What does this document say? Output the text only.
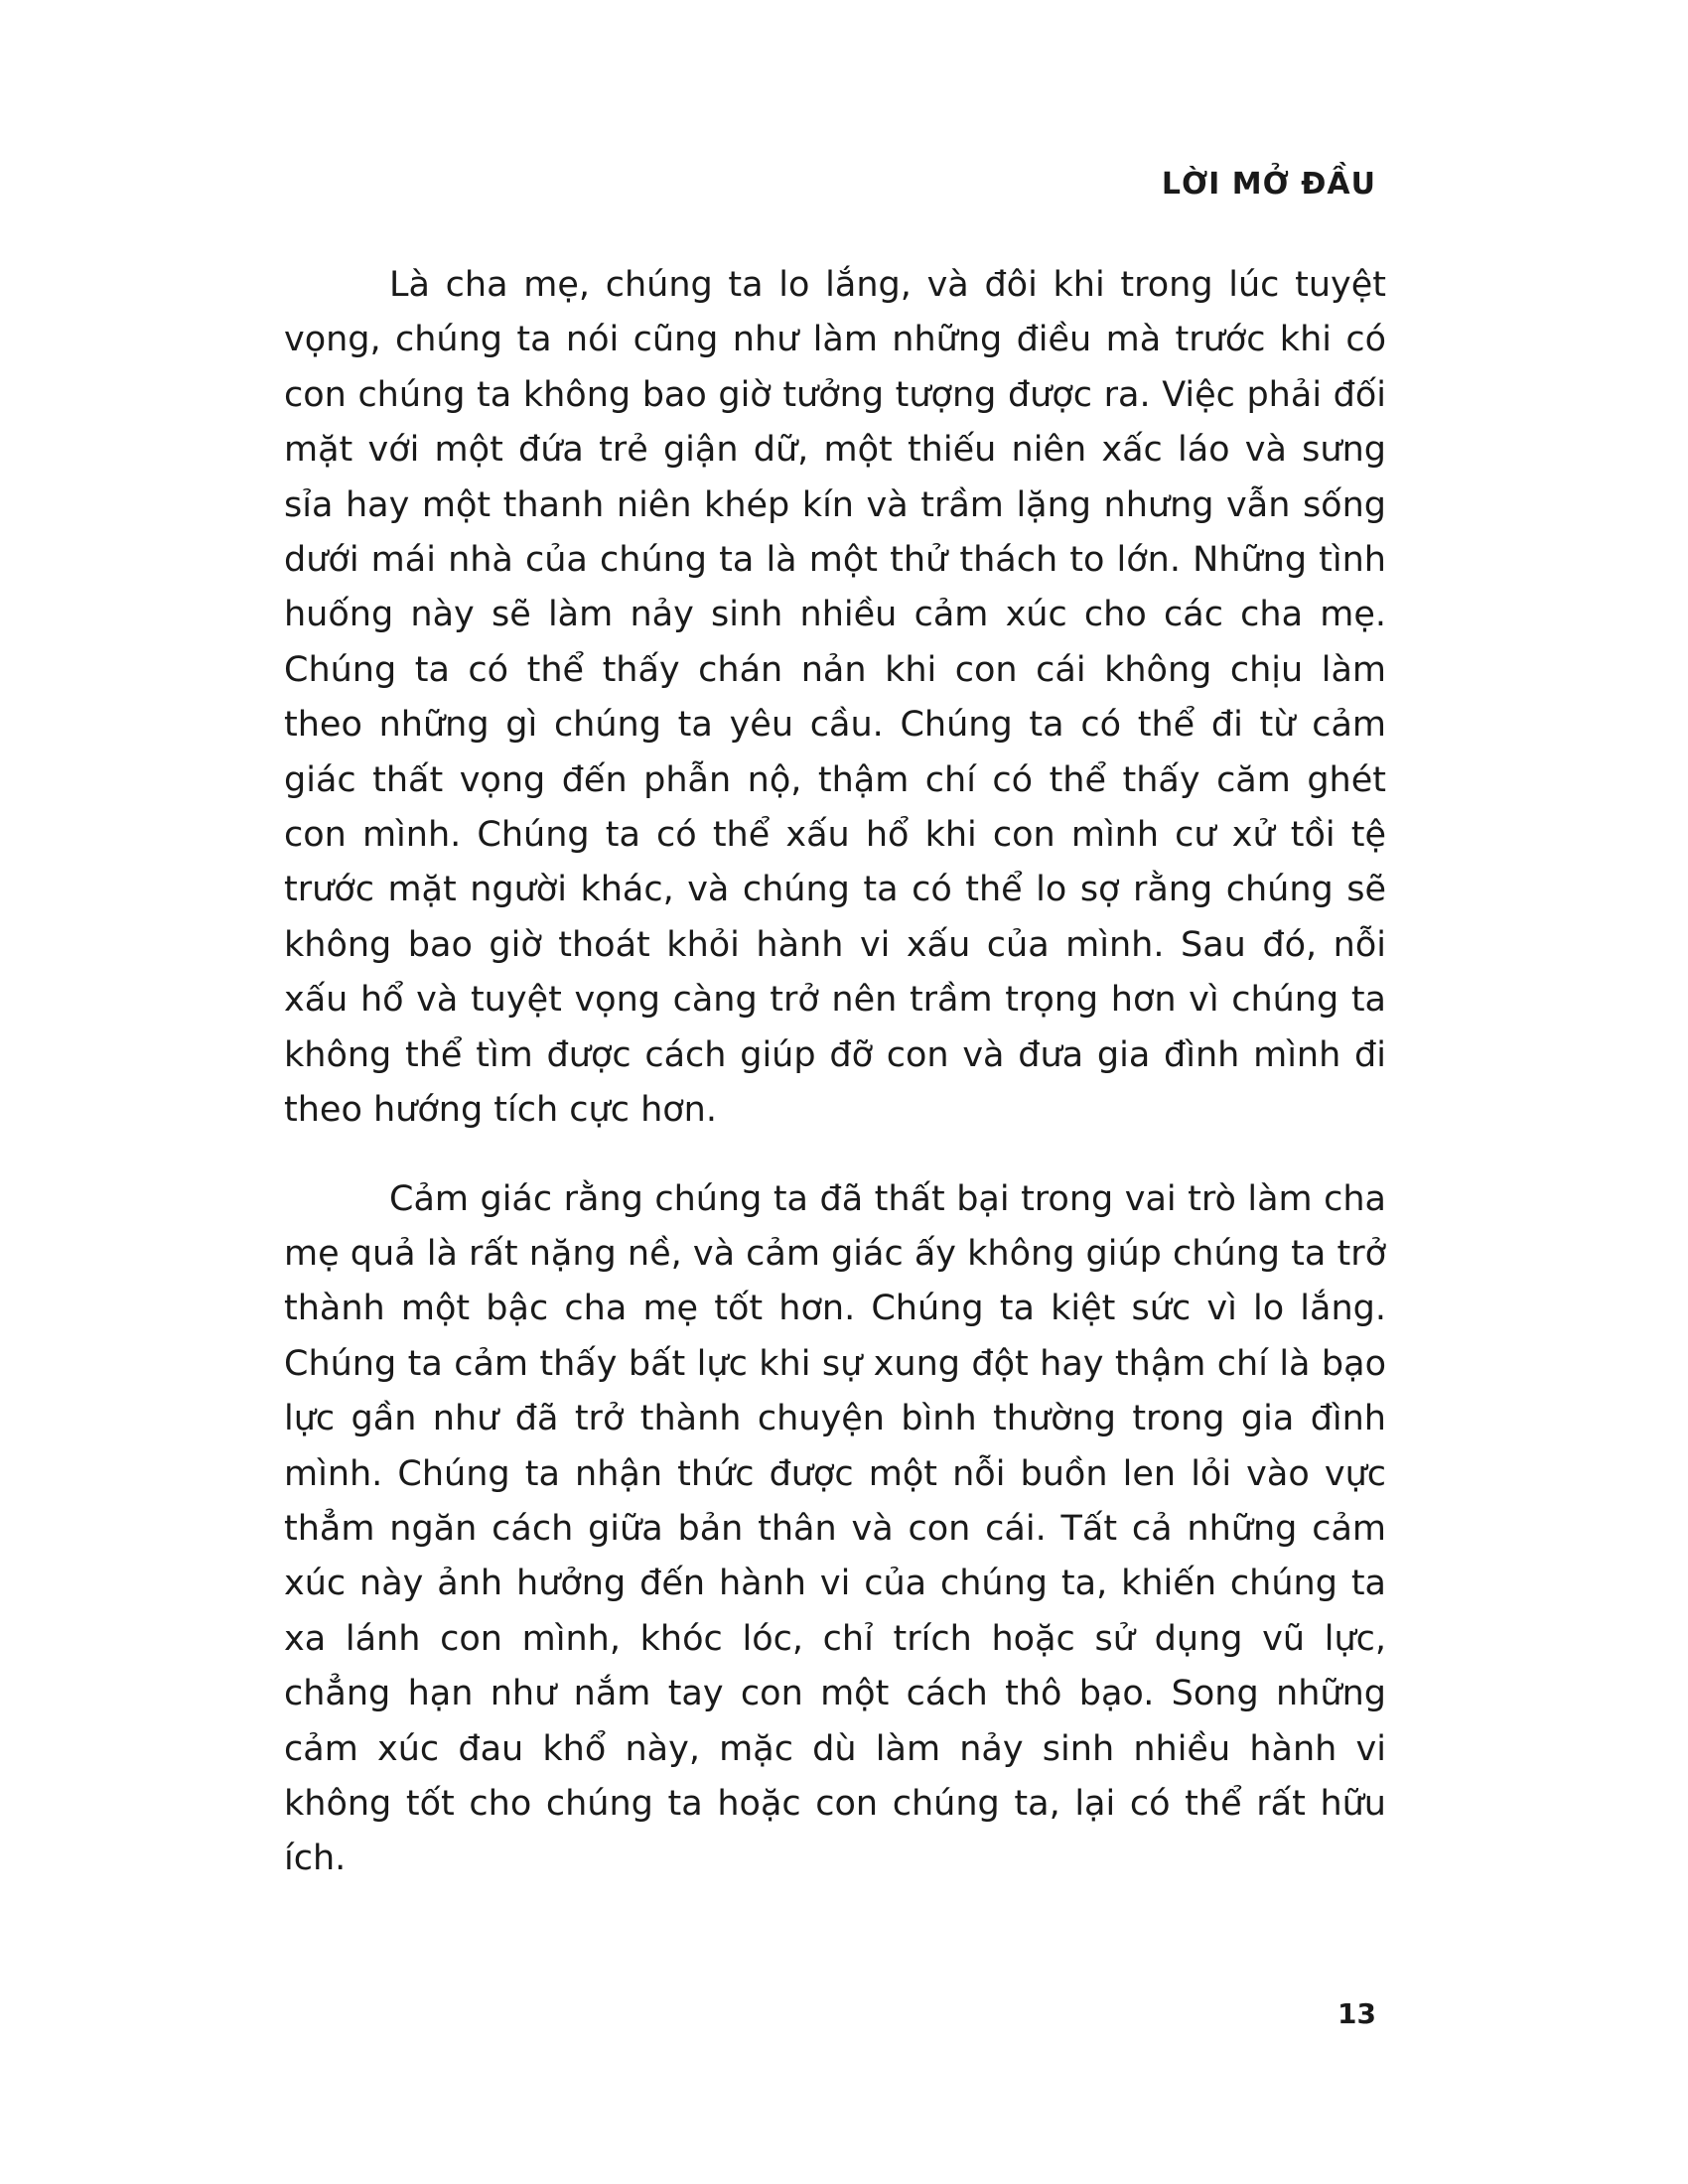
LỜI MỞ ĐẦU

Là cha mẹ, chúng ta lo lắng, và đôi khi trong lúc tuyệt vọng, chúng ta nói cũng như làm những điều mà trước khi có con chúng ta không bao giờ tưởng tượng được ra. Việc phải đối mặt với một đứa trẻ giận dữ, một thiếu niên xấc láo và sưng sỉa hay một thanh niên khép kín và trầm lặng nhưng vẫn sống dưới mái nhà của chúng ta là một thử thách to lớn. Những tình huống này sẽ làm nảy sinh nhiều cảm xúc cho các cha mẹ. Chúng ta có thể thấy chán nản khi con cái không chịu làm theo những gì chúng ta yêu cầu. Chúng ta có thể đi từ cảm giác thất vọng đến phẫn nộ, thậm chí có thể thấy căm ghét con mình. Chúng ta có thể xấu hổ khi con mình cư xử tồi tệ trước mặt người khác, và chúng ta có thể lo sợ rằng chúng sẽ không bao giờ thoát khỏi hành vi xấu của mình. Sau đó, nỗi xấu hổ và tuyệt vọng càng trở nên trầm trọng hơn vì chúng ta không thể tìm được cách giúp đỡ con và đưa gia đình mình đi theo hướng tích cực hơn.

Cảm giác rằng chúng ta đã thất bại trong vai trò làm cha mẹ quả là rất nặng nề, và cảm giác ấy không giúp chúng ta trở thành một bậc cha mẹ tốt hơn. Chúng ta kiệt sức vì lo lắng. Chúng ta cảm thấy bất lực khi sự xung đột hay thậm chí là bạo lực gần như đã trở thành chuyện bình thường trong gia đình mình. Chúng ta nhận thức được một nỗi buồn len lỏi vào vực thẳm ngăn cách giữa bản thân và con cái. Tất cả những cảm xúc này ảnh hưởng đến hành vi của chúng ta, khiến chúng ta xa lánh con mình, khóc lóc, chỉ trích hoặc sử dụng vũ lực, chẳng hạn như nắm tay con một cách thô bạo. Song những cảm xúc đau khổ này, mặc dù làm nảy sinh nhiều hành vi không tốt cho chúng ta hoặc con chúng ta, lại có thể rất hữu ích.

13
